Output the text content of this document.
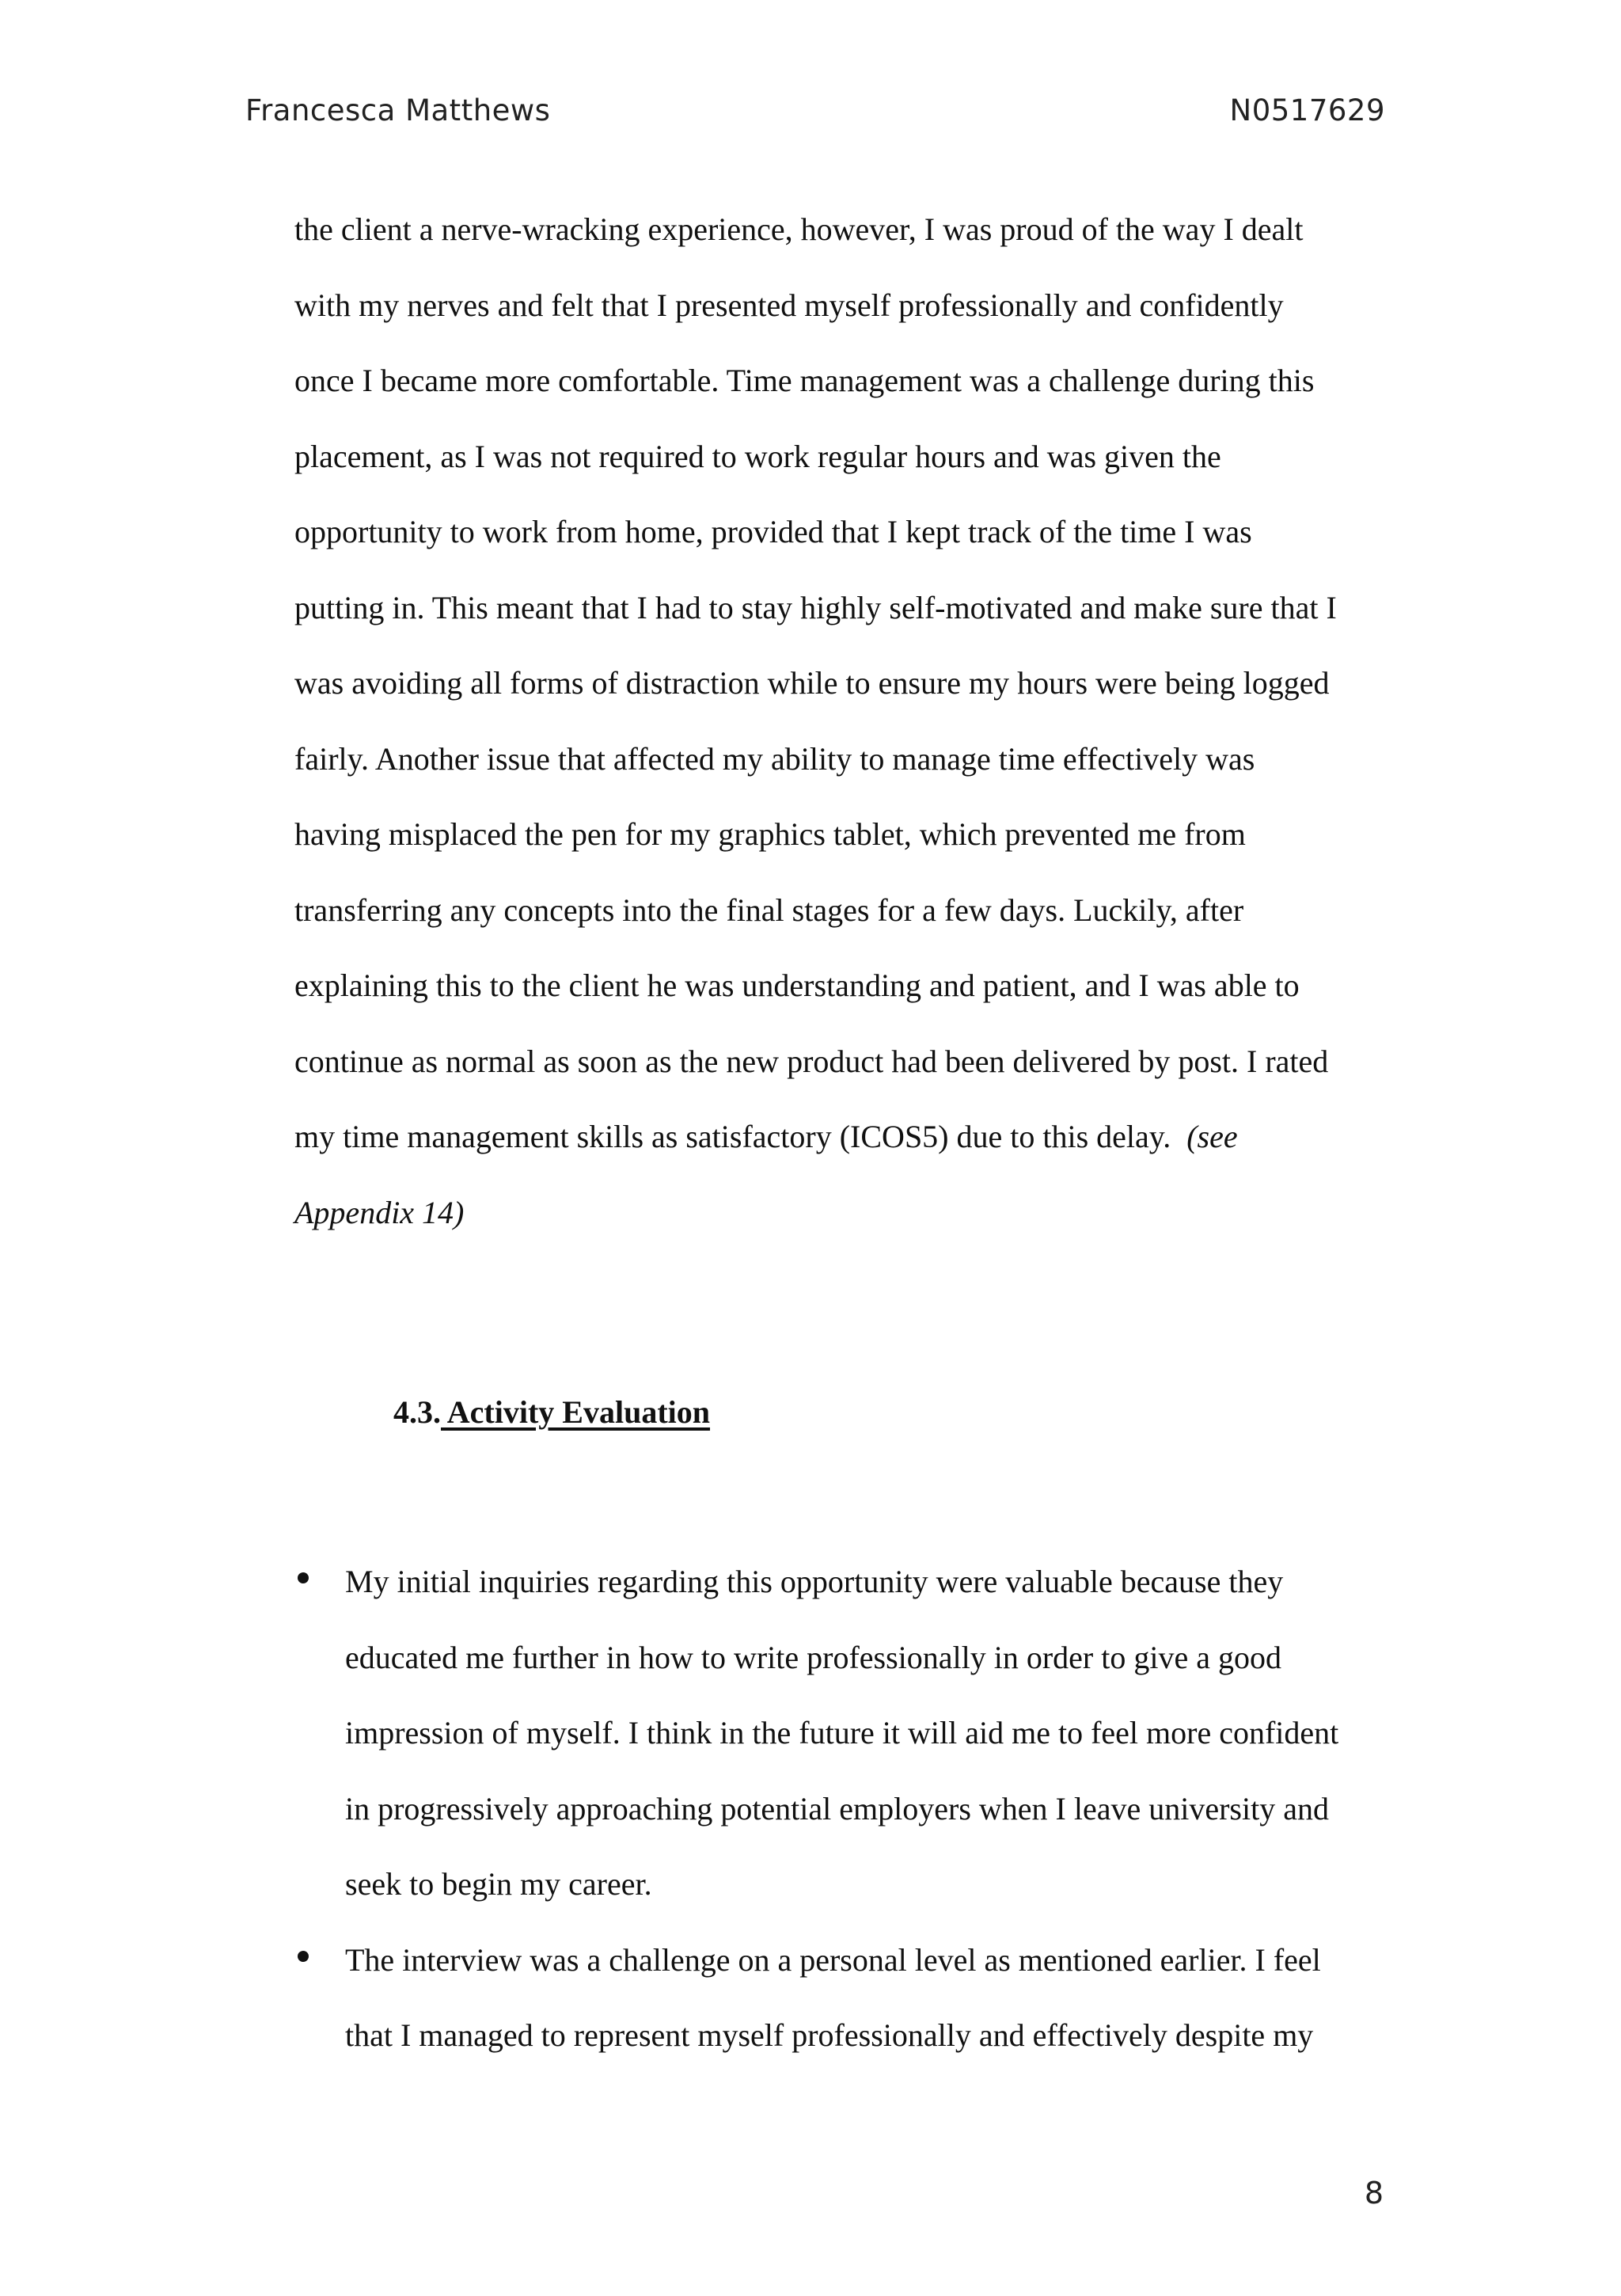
Francesca Matthews	N0517629
the client a nerve-wracking experience, however, I was proud of the way I dealt
with my nerves and felt that I presented myself professionally and confidently
once I became more comfortable. Time management was a challenge during this
placement, as I was not required to work regular hours and was given the
opportunity to work from home, provided that I kept track of the time I was
putting in. This meant that I had to stay highly self-motivated and make sure that I
was avoiding all forms of distraction while to ensure my hours were being logged
fairly. Another issue that affected my ability to manage time effectively was
having misplaced the pen for my graphics tablet, which prevented me from
transferring any concepts into the final stages for a few days. Luckily, after
explaining this to the client he was understanding and patient, and I was able to
continue as normal as soon as the new product had been delivered by post. I rated
my time management skills as satisfactory (ICOS5) due to this delay. (see
Appendix 14)
4.3. Activity Evaluation
My initial inquiries regarding this opportunity were valuable because they
educated me further in how to write professionally in order to give a good
impression of myself. I think in the future it will aid me to feel more confident
in progressively approaching potential employers when I leave university and
seek to begin my career.
The interview was a challenge on a personal level as mentioned earlier. I feel
that I managed to represent myself professionally and effectively despite my
8
